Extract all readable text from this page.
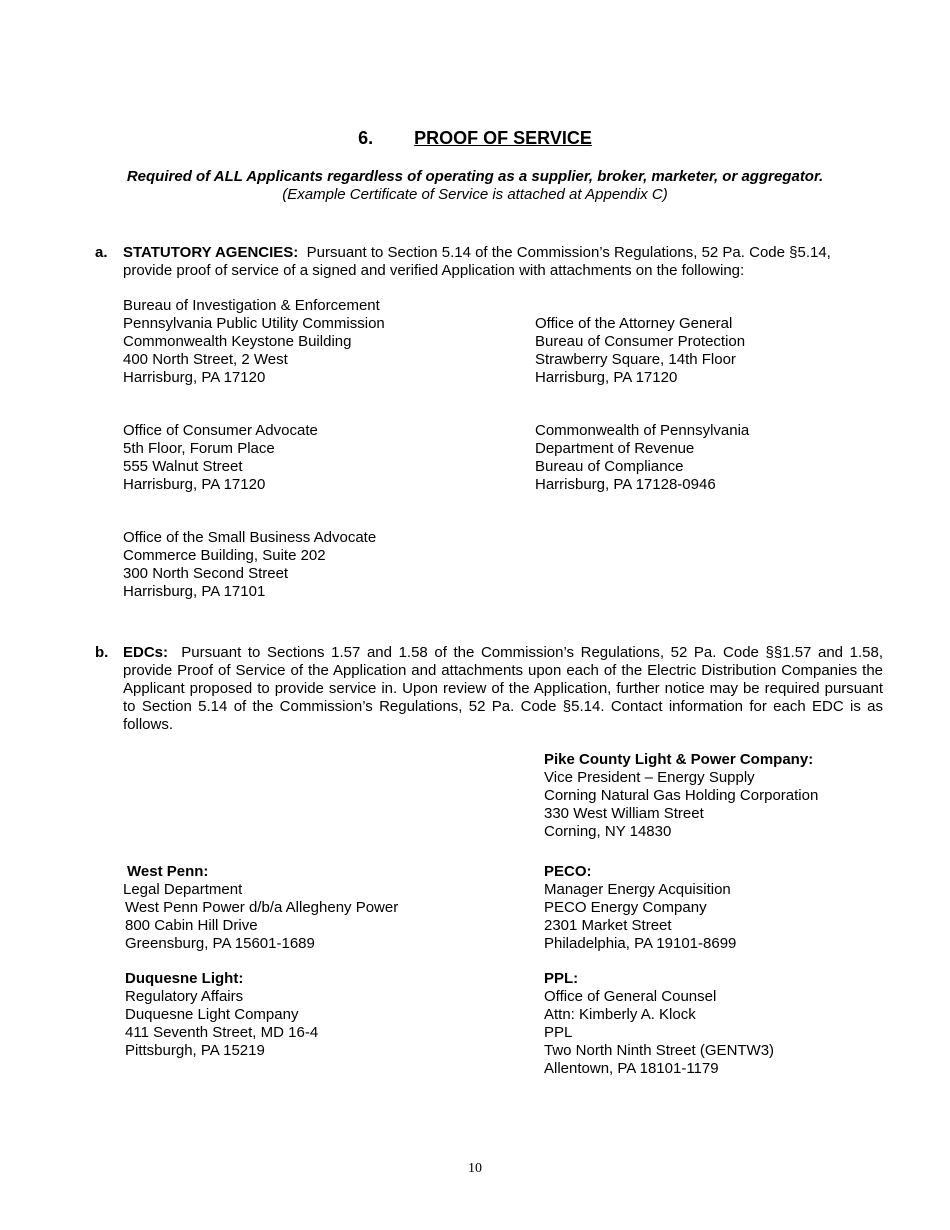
6. PROOF OF SERVICE
Required of ALL Applicants regardless of operating as a supplier, broker, marketer, or aggregator.
(Example Certificate of Service is attached at Appendix C)
a. STATUTORY AGENCIES: Pursuant to Section 5.14 of the Commission’s Regulations, 52 Pa. Code §5.14, provide proof of service of a signed and verified Application with attachments on the following:
Bureau of Investigation & Enforcement
Pennsylvania Public Utility Commission
Commonwealth Keystone Building
400 North Street, 2 West
Harrisburg, PA 17120
Office of the Attorney General
Bureau of Consumer Protection
Strawberry Square, 14th Floor
Harrisburg, PA 17120
Office of Consumer Advocate
5th Floor, Forum Place
555 Walnut Street
Harrisburg, PA 17120
Commonwealth of Pennsylvania
Department of Revenue
Bureau of Compliance
Harrisburg, PA 17128-0946
Office of the Small Business Advocate
Commerce Building, Suite 202
300 North Second Street
Harrisburg, PA 17101
b. EDCs: Pursuant to Sections 1.57 and 1.58 of the Commission’s Regulations, 52 Pa. Code §§1.57 and 1.58, provide Proof of Service of the Application and attachments upon each of the Electric Distribution Companies the Applicant proposed to provide service in. Upon review of the Application, further notice may be required pursuant to Section 5.14 of the Commission’s Regulations, 52 Pa. Code §5.14. Contact information for each EDC is as follows.
Pike County Light & Power Company:
Vice President – Energy Supply
Corning Natural Gas Holding Corporation
330 West William Street
Corning, NY 14830
West Penn:
Legal Department
West Penn Power d/b/a Allegheny Power
800 Cabin Hill Drive
Greensburg, PA 15601-1689
PECO:
Manager Energy Acquisition
PECO Energy Company
2301 Market Street
Philadelphia, PA 19101-8699
Duquesne Light:
Regulatory Affairs
Duquesne Light Company
411 Seventh Street, MD 16-4
Pittsburgh, PA 15219
PPL:
Office of General Counsel
Attn: Kimberly A. Klock
PPL
Two North Ninth Street (GENTW3)
Allentown, PA 18101-1179
10
